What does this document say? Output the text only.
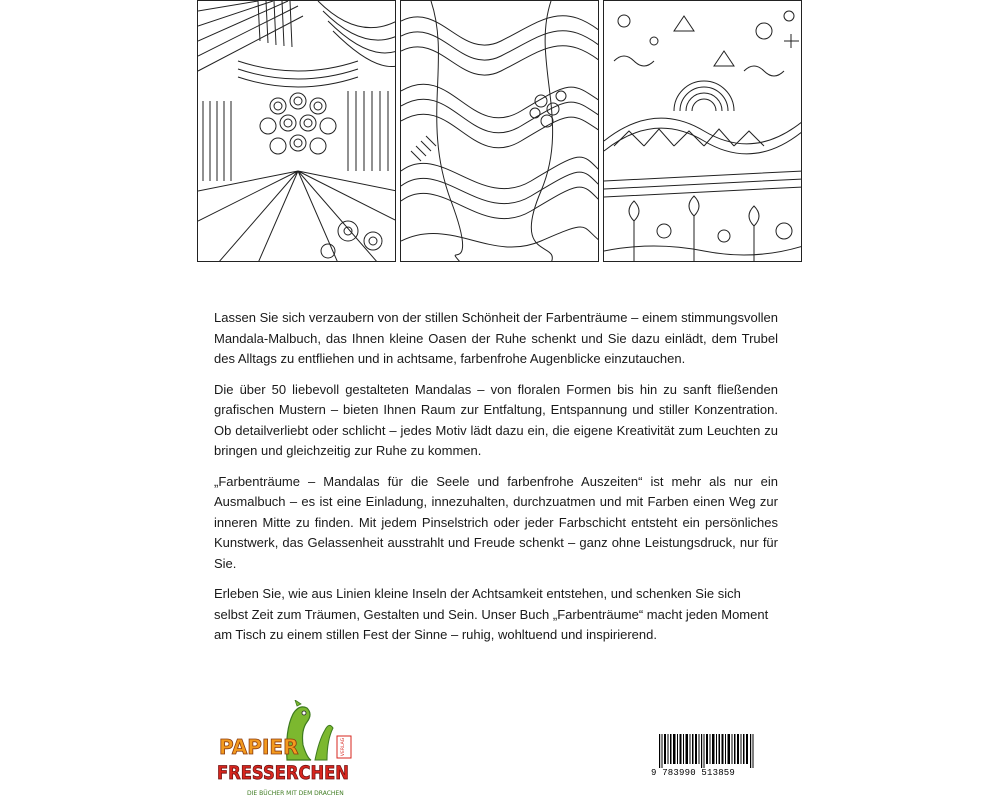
Lassen Sie sich verzaubern von der stillen Schönheit der Farbenträume – einem stimmungsvollen Mandala-Malbuch, das Ihnen kleine Oasen der Ruhe schenkt und Sie dazu einlädt, dem Trubel des Alltags zu entfliehen und in achtsame, farbenfrohe Augenblicke einzutauchen.

Die über 50 liebevoll gestalteten Mandalas – von floralen Formen bis hin zu sanft fließenden grafischen Mustern – bieten Ihnen Raum zur Entfaltung, Entspannung und stiller Konzentration. Ob detailverliebt oder schlicht – jedes Motiv lädt dazu ein, die eigene Kreativität zum Leuchten zu bringen und gleichzeitig zur Ruhe zu kommen.

„Farbenträume – Mandalas für die Seele und farbenfrohe Auszeiten“ ist mehr als nur ein Ausmalbuch – es ist eine Einladung, innezuhalten, durchzuatmen und mit Farben einen Weg zur inneren Mitte zu finden. Mit jedem Pinselstrich oder jeder Farbschicht entsteht ein persönliches Kunstwerk, das Gelassenheit ausstrahlt und Freude schenkt – ganz ohne Leistungsdruck, nur für Sie.

Erleben Sie, wie aus Linien kleine Inseln der Achtsamkeit entstehen, und schenken Sie sich selbst Zeit zum Träumen, Gestalten und Sein. Unser Buch „Farbenträume“ macht jeden Moment am Tisch zu einem stillen Fest der Sinne – ruhig, wohltuend und inspirierend.

VERLAG
PAPIER
FRESSERCHEN
DIE BÜCHER MIT DEM DRACHEN
9 783990 513859
